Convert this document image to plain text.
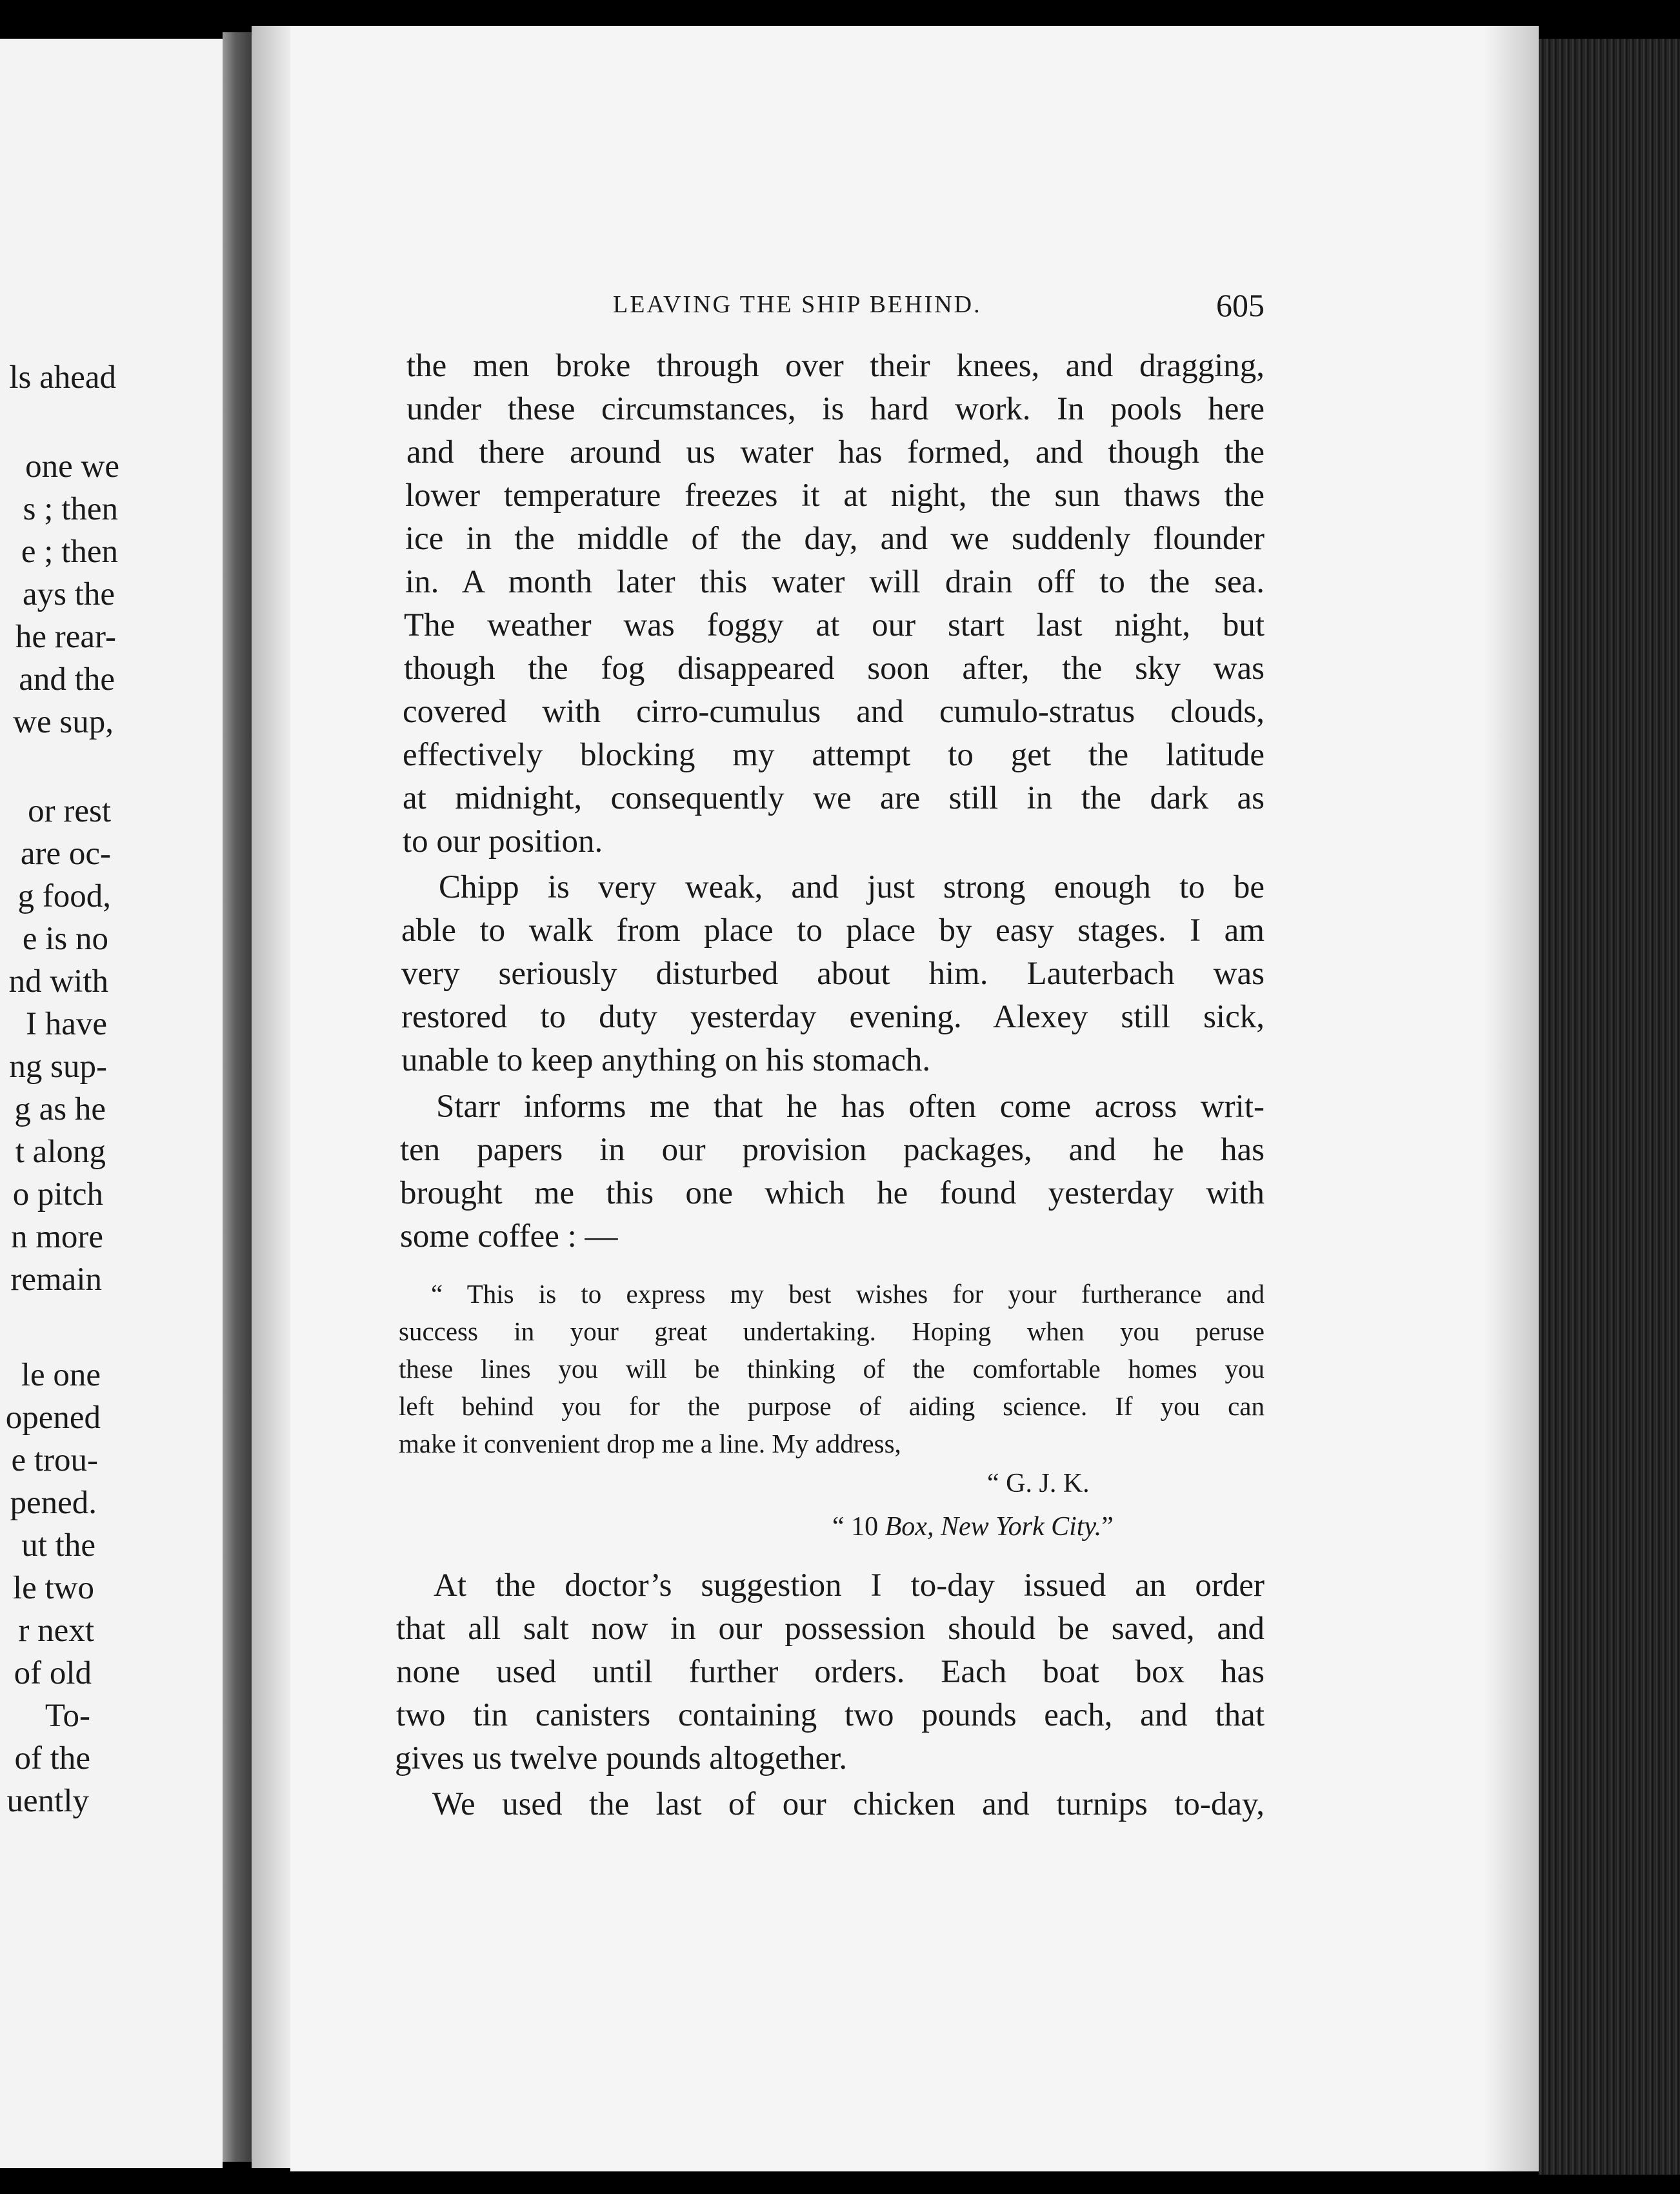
ls ahead
one we
s ; then
e ; then
ays the
he rear-
and the
we sup,
or rest
are oc-
g food,
e is no
nd with
I have
ng sup-
g as he
t along
o pitch
n more
remain
le one
opened
e trou-
pened.
ut the
le two
r next
of old
To-
of the
uently
LEAVING THE SHIP BEHIND.	605
the men broke through over their knees, and dragging,
under these circumstances, is hard work. In pools here
and there around us water has formed, and though the
lower temperature freezes it at night, the sun thaws the
ice in the middle of the day, and we suddenly flounder
in. A month later this water will drain off to the sea.
The weather was foggy at our start last night, but
though the fog disappeared soon after, the sky was
covered with cirro-cumulus and cumulo-stratus clouds,
effectively blocking my attempt to get the latitude
at midnight, consequently we are still in the dark as
to our position.
Chipp is very weak, and just strong enough to be
able to walk from place to place by easy stages. I am
very seriously disturbed about him. Lauterbach was
restored to duty yesterday evening. Alexey still sick,
unable to keep anything on his stomach.
Starr informs me that he has often come across writ-
ten papers in our provision packages, and he has
brought me this one which he found yesterday with
some coffee : —
“ This is to express my best wishes for your furtherance and
success in your great undertaking. Hoping when you peruse
these lines you will be thinking of the comfortable homes you
left behind you for the purpose of aiding science. If you can
make it convenient drop me a line. My address,
“ G. J. K.
“ 10 Box, New York City.”
At the doctor’s suggestion I to-day issued an order
that all salt now in our possession should be saved, and
none used until further orders. Each boat box has
two tin canisters containing two pounds each, and that
gives us twelve pounds altogether.
We used the last of our chicken and turnips to-day,
